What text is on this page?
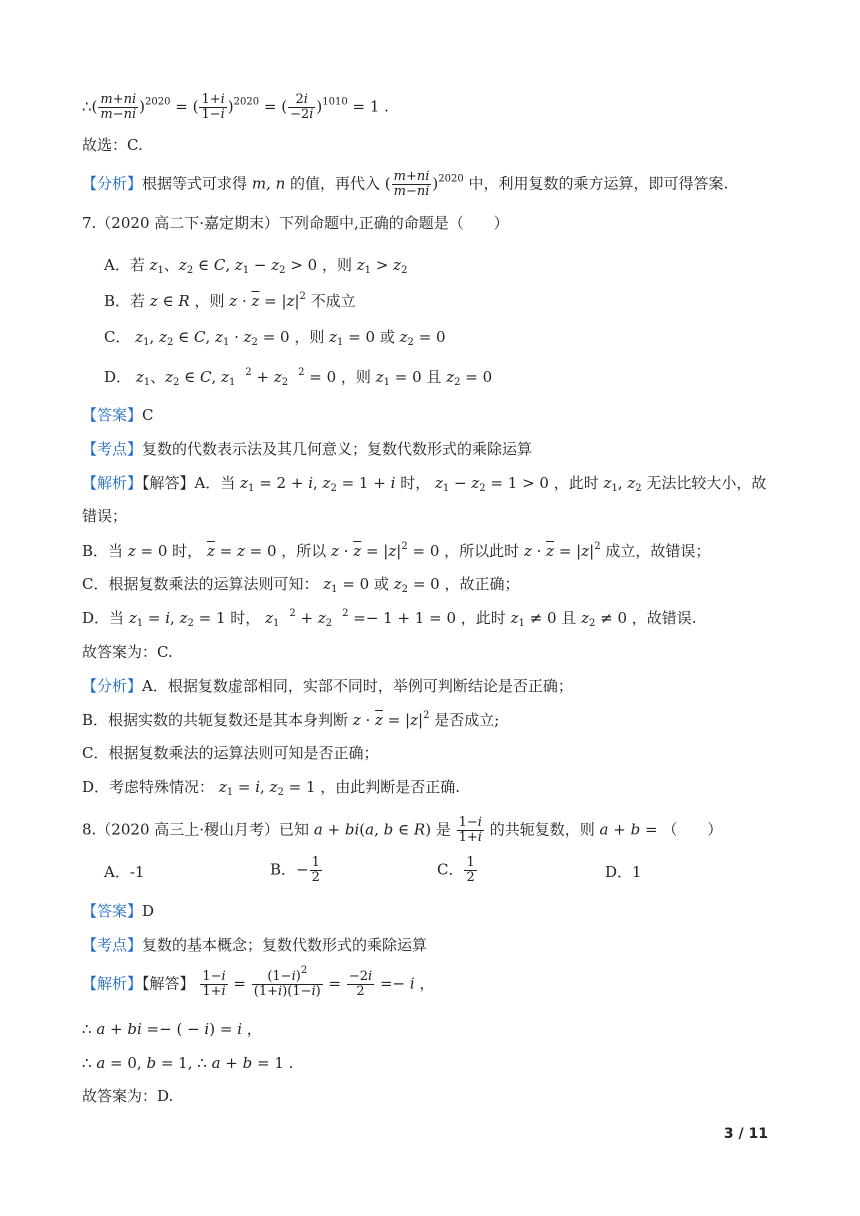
∴( $\frac{m+ni}{m-ni} )^{2020}$ = ( $\frac{1+i}{1-i} )^{2020}$ = ( $\frac{2i}{-2i} )^{1010} = 1$ .
故选：C.
【分析】根据等式可求得 m, n 的值，再代入 ( $\frac{m+ni}{m-ni} )^{2020}$ 中，利用复数的乘方运算，即可得答案.
7.（2020 高二下·嘉定期末）下列命题中,正确的命题是（　　）
A．若 $z_1$、$z_2$ ∈ C, $z_1 - z_2 > 0$ ，则 $z_1 > z_2$
B．若 z ∈ R ，则 $z \cdot \overline{z} = |z|^2$ 不成立
C． $z_1$, $z_2$ ∈ C, $z_1 \cdot z_2 = 0$ ，则 $z_1 = 0$ 或 $z_2 = 0$
D． $z_1$、$z_2$ ∈ C, $z_1^2 + z_2^2 = 0$ ，则 $z_1 = 0$ 且 $z_2 = 0$
【答案】C
【考点】复数的代数表示法及其几何意义；复数代数形式的乘除运算
【解析】【解答】A．当 $z_1 = 2 + i$, $z_2 = 1 + i$ 时， $z_1 - z_2 = 1 > 0$ ，此时 $z_1$, $z_2$ 无法比较大小，故
错误；
B．当 z = 0 时， $\overline{z} = z = 0$ ，所以 $z \cdot \overline{z} = |z|^2 = 0$ ，所以此时 $z \cdot \overline{z} = |z|^2$ 成立，故错误；
C．根据复数乘法的运算法则可知： $z_1 = 0$ 或 $z_2 = 0$ ，故正确；
D．当 $z_1 = i$, $z_2 = 1$ 时， $z_1^2 + z_2^2 =- 1 + 1 = 0$ ，此时 $z_1 \ne 0$ 且 $z_2 \ne 0$ ，故错误.
故答案为：C.
【分析】A．根据复数虚部相同，实部不同时，举例可判断结论是否正确；
B．根据实数的共轭复数还是其本身判断 $z \cdot \overline{z} = |z|^2$ 是否成立;
C．根据复数乘法的运算法则可知是否正确；
D．考虑特殊情况： $z_1 = i$, $z_2 = 1$ ，由此判断是否正确.
8.（2020 高三上·稷山月考）已知 a + bi(a, b ∈ R) 是 $\frac{1-i}{1+i}$ 的共轭复数，则 a + b = （　　）
A．-1	B．− $\frac{1}{2}$	C． $\frac{1}{2}$	D．1
【答案】D
【考点】复数的基本概念；复数代数形式的乘除运算
【解析】【解答】 $\frac{1-i}{1+i} = \frac{(1-i)^2}{(1+i)(1-i)} = \frac{-2i}{2} =- i$ ，
∴ a + bi =− ( − i) = i ，
∴ a = 0, b = 1, ∴ a + b = 1 .
故答案为：D.
3 / 11
